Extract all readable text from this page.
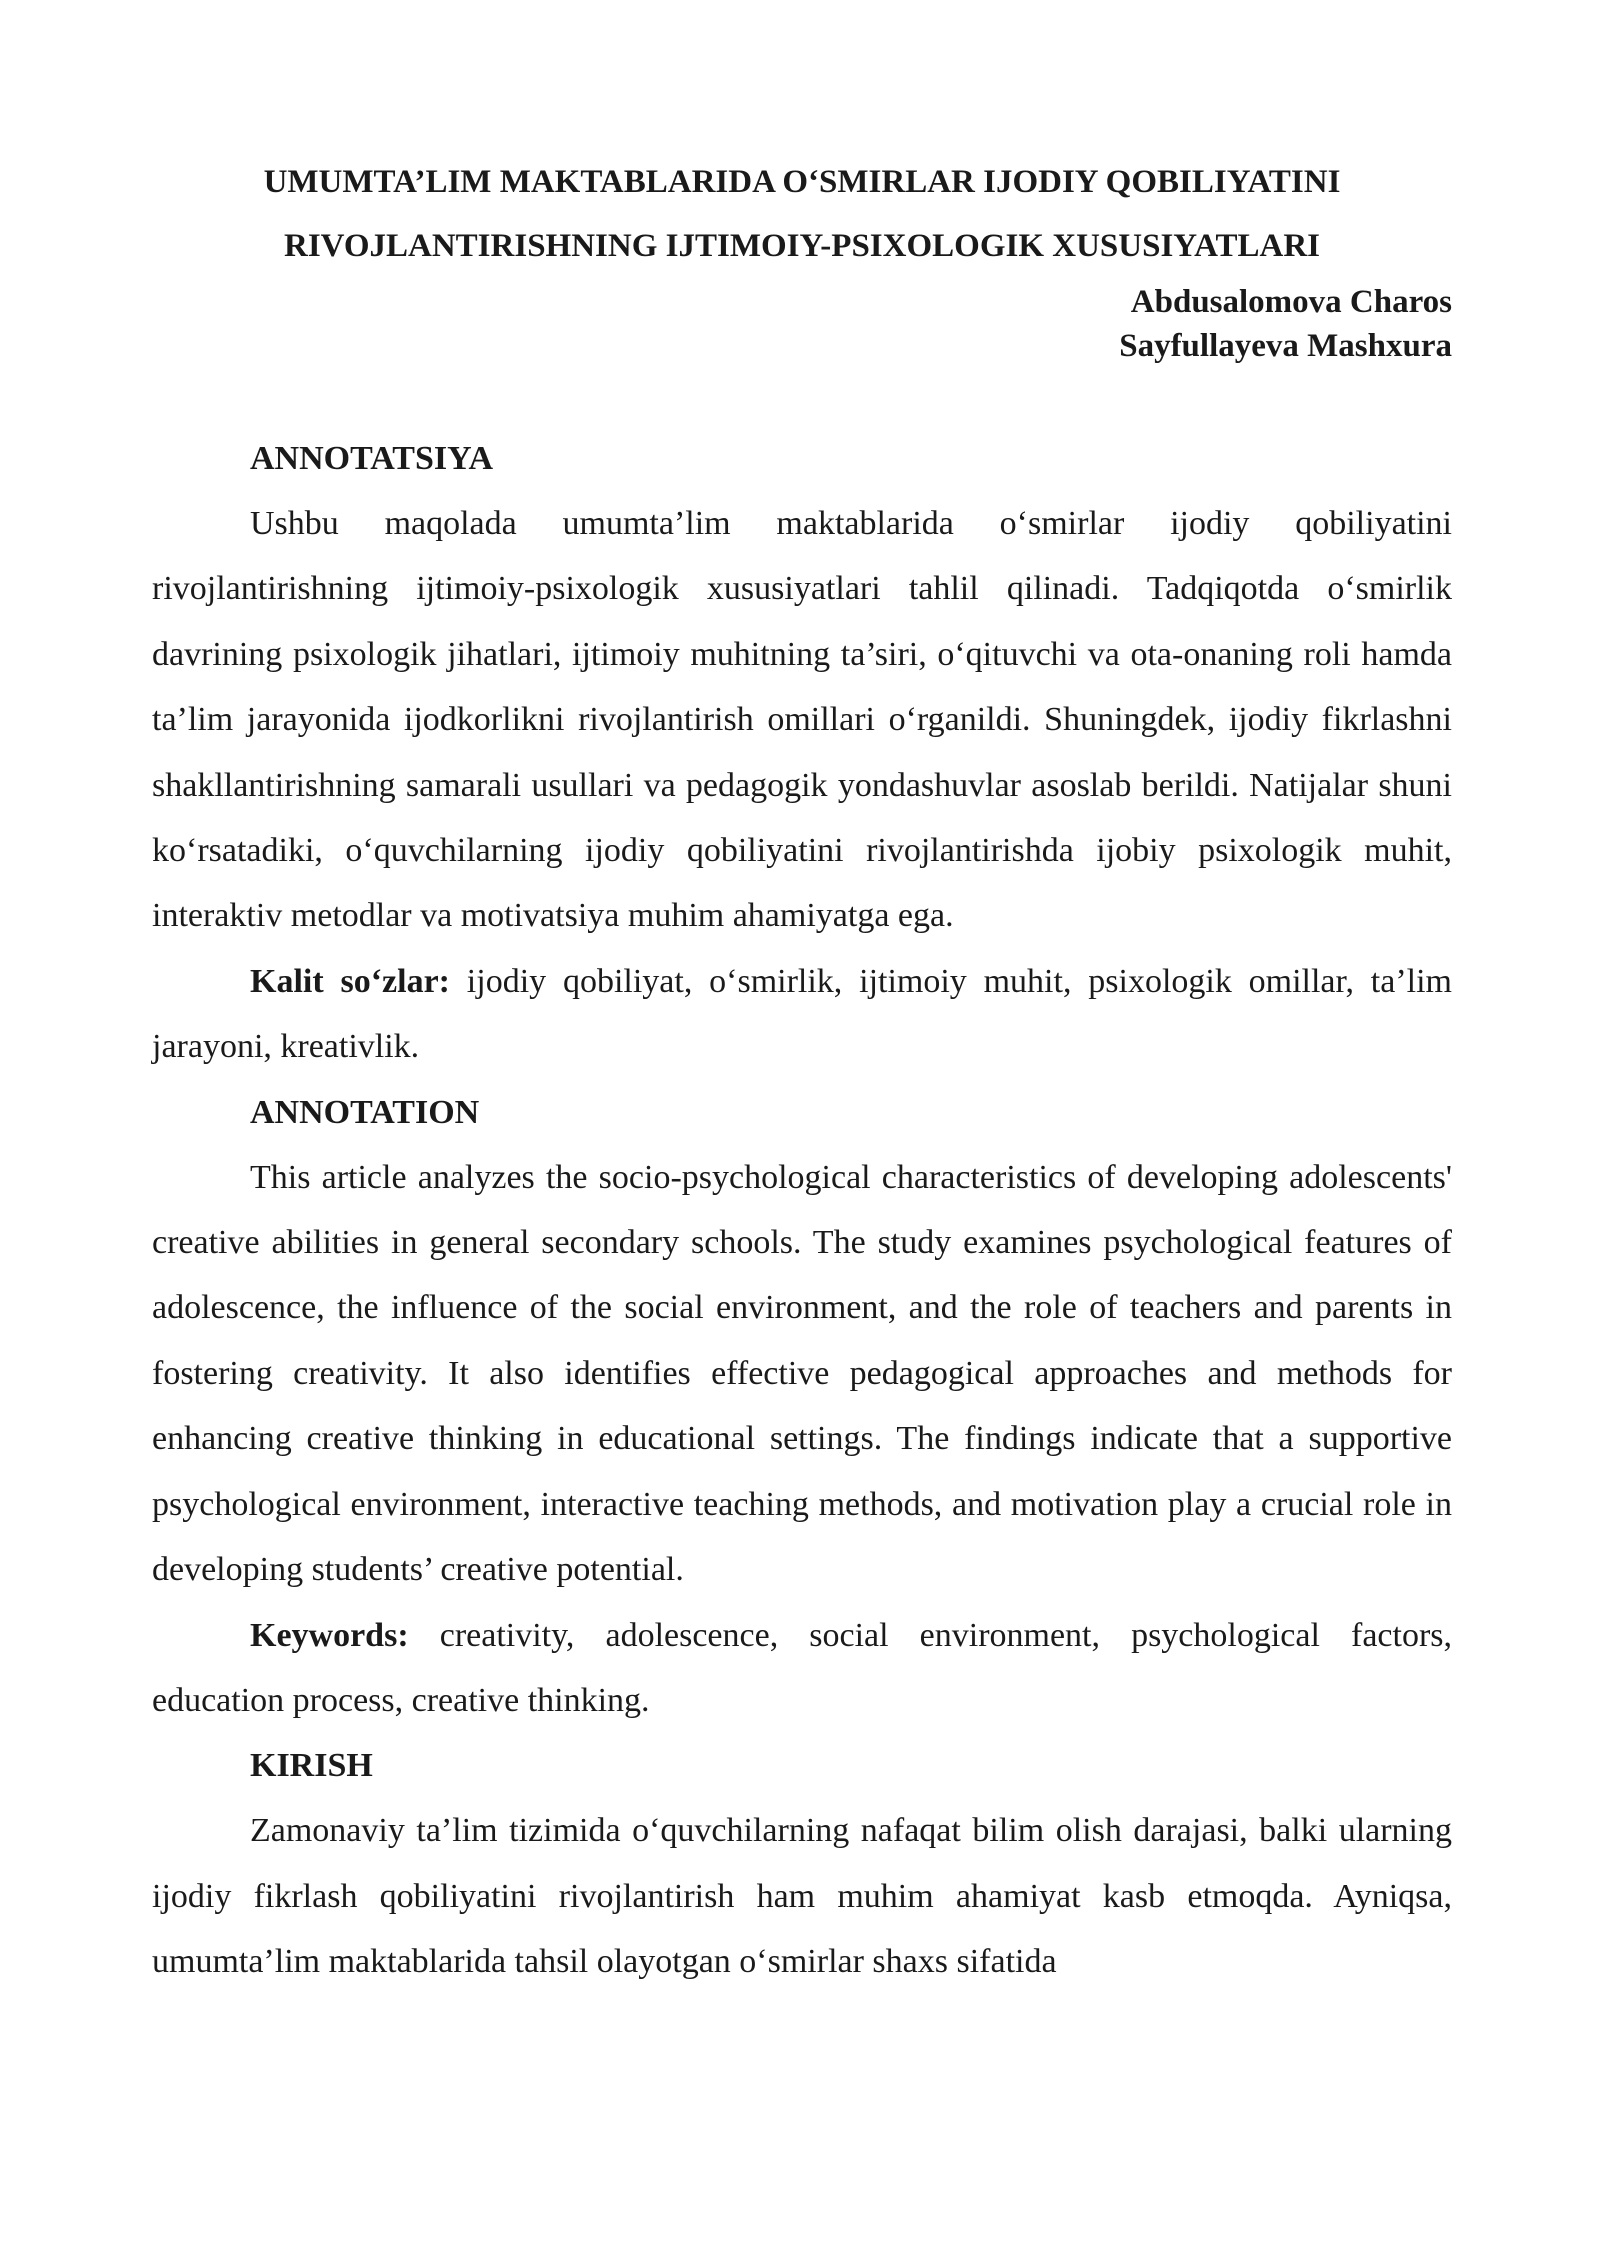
UMUMTA’LIM MAKTABLARIDA O‘SMIRLAR IJODIY QOBILIYATINI

RIVOJLANTIRISHNING IJTIMOIY-PSIXOLOGIK XUSUSIYATLARI

Abdusalomova Charos
Sayfullayeva Mashxura

ANNOTATSIYA

Ushbu maqolada umumta’lim maktablarida o‘smirlar ijodiy qobiliyatini rivojlantirishning ijtimoiy-psixologik xususiyatlari tahlil qilinadi. Tadqiqotda o‘smirlik davrining psixologik jihatlari, ijtimoiy muhitning ta’siri, o‘qituvchi va ota-onaning roli hamda ta’lim jarayonida ijodkorlikni rivojlantirish omillari o‘rganildi. Shuningdek, ijodiy fikrlashni shakllantirishning samarali usullari va pedagogik yondashuvlar asoslab berildi. Natijalar shuni ko‘rsatadiki, o‘quvchilarning ijodiy qobiliyatini rivojlantirishda ijobiy psixologik muhit, interaktiv metodlar va motivatsiya muhim ahamiyatga ega.

Kalit so‘zlar: ijodiy qobiliyat, o‘smirlik, ijtimoiy muhit, psixologik omillar, ta’lim jarayoni, kreativlik.

ANNOTATION

This article analyzes the socio-psychological characteristics of developing adolescents' creative abilities in general secondary schools. The study examines psychological features of adolescence, the influence of the social environment, and the role of teachers and parents in fostering creativity. It also identifies effective pedagogical approaches and methods for enhancing creative thinking in educational settings. The findings indicate that a supportive psychological environment, interactive teaching methods, and motivation play a crucial role in developing students’ creative potential.

Keywords: creativity, adolescence, social environment, psychological factors, education process, creative thinking.

KIRISH

Zamonaviy ta’lim tizimida o‘quvchilarning nafaqat bilim olish darajasi, balki ularning ijodiy fikrlash qobiliyatini rivojlantirish ham muhim ahamiyat kasb etmoqda. Ayniqsa, umumta’lim maktablarida tahsil olayotgan o‘smirlar shaxs sifatida
